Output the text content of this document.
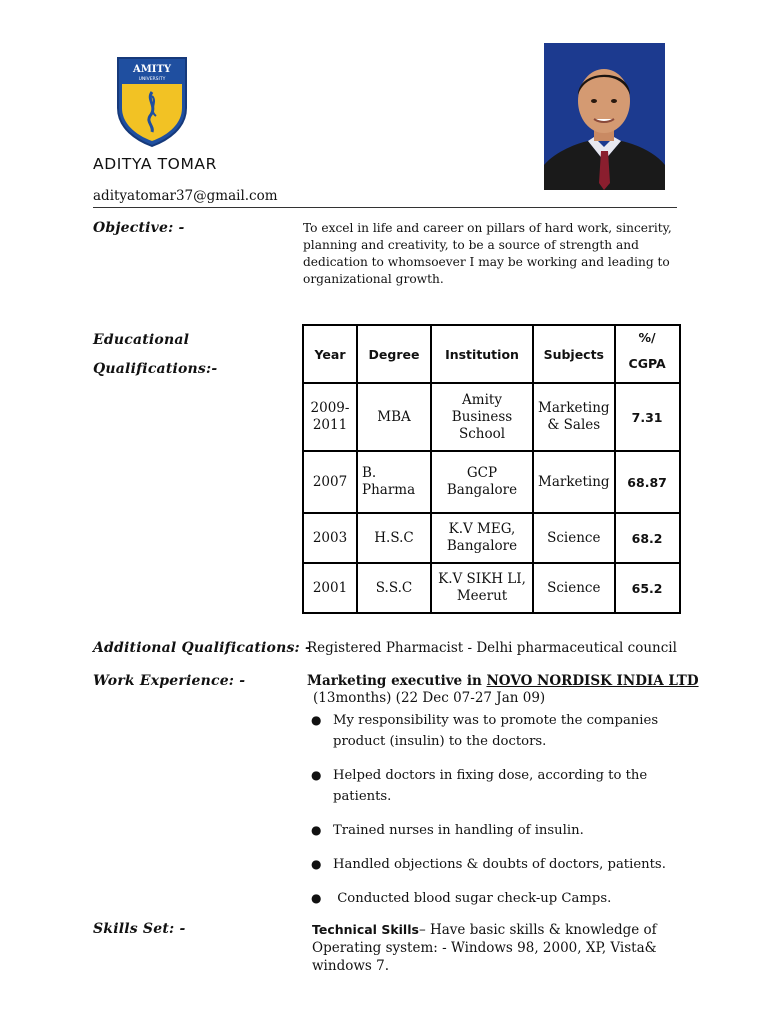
AMITY
UNIVERSITY
ADITYA TOMAR
adityatomar37@gmail.com
Objective: -	To excel in life and career on pillars of hard work, sincerity, planning and creativity, to be a source of strength and dedication to whomsoever I may be working and leading to organizational growth.
Educational
Qualifications:-
Year	Degree	Institution	Subjects	%/
CGPA

2009-2011	MBA	Amity Business School	Marketing & Sales	7.31
2007	B. Pharma	GCP Bangalore	Marketing	68.87
2003	H.S.C	K.V MEG, Bangalore	Science	68.2
2001	S.S.C	K.V SIKH LI, Meerut	Science	65.2
Additional Qualifications: -
Registered Pharmacist - Delhi pharmaceutical council
Work Experience: -	Marketing executive in NOVO NORDISK INDIA LTD
(13months) (22 Dec 07-27 Jan 09)
● My responsibility was to promote the companies product (insulin) to the doctors.
● Helped doctors in fixing dose, according to the patients.
● Trained nurses in handling of insulin.
● Handled objections & doubts of doctors, patients.
● Conducted blood sugar check-up Camps.
Skills Set: -	Technical Skills– Have basic skills & knowledge of Operating system: - Windows 98, 2000, XP, Vista& windows 7.
